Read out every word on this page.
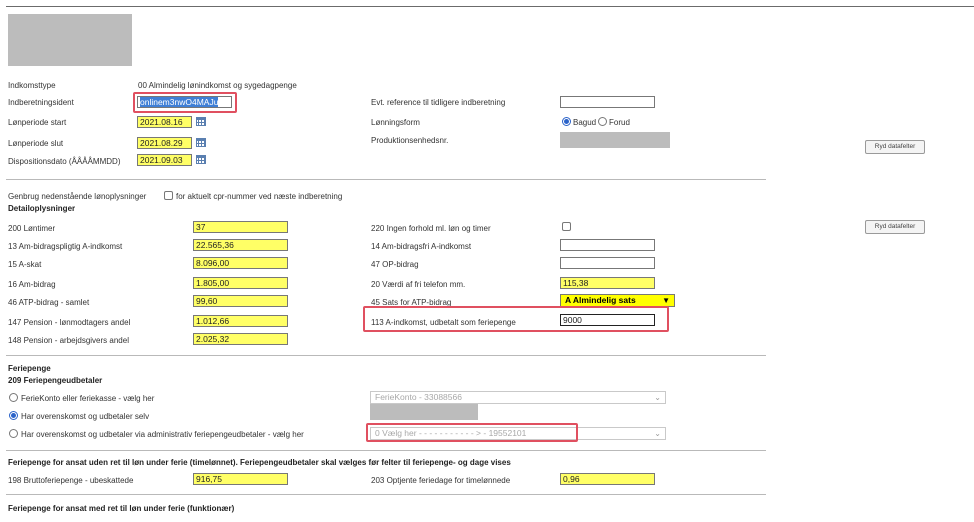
Indkomsttype	00 Almindelig lønindkomst og sygedagpenge
Indberetningsident	onlinem3nwO4MAJu
Lønperiode start	2021.08.16
Lønperiode slut	2021.08.29
Dispositionsdato (ÅÅÅÅMMDD)	2021.09.03
Evt. reference til tidligere indberetning
Lønningsform	Bagud Forud
Produktionsenhedsnr.
Ryd datafelter
Genbrug nedenstående lønoplysninger	for aktuelt cpr-nummer ved næste indberetning
Detailoplysninger
Ryd datafelter
200 Løntimer	37
13 Am-bidragspligtig A-indkomst	22.565,36
15 A-skat	8.096,00
16 Am-bidrag	1.805,00
46 ATP-bidrag - samlet	99,60
147 Pension - lønmodtagers andel	1.012,66
148 Pension - arbejdsgivers andel	2.025,32
220 Ingen forhold ml. løn og timer
14 Am-bidragsfri A-indkomst
47 OP-bidrag
20 Værdi af fri telefon mm.	115,38
45 Sats for ATP-bidrag	A Almindelig sats	▼
113 A-indkomst, udbetalt som feriepenge	9000
Feriepenge
209 Feriepengeudbetaler
FerieKonto eller feriekasse - vælg her	FerieKonto - 33088566	⌄
Har overenskomst og udbetaler selv
Har overenskomst og udbetaler via administrativ feriepengeudbetaler - vælg her	0 Vælg her - - - - - - - - - - - > - 19552101	⌄
Feriepenge for ansat uden ret til løn under ferie (timelønnet). Feriepengeudbetaler skal vælges før felter til feriepenge- og dage vises
198 Bruttoferiepenge - ubeskattede	916,75	203 Optjente feriedage for timelønnede	0,96
Feriepenge for ansat med ret til løn under ferie (funktionær)
